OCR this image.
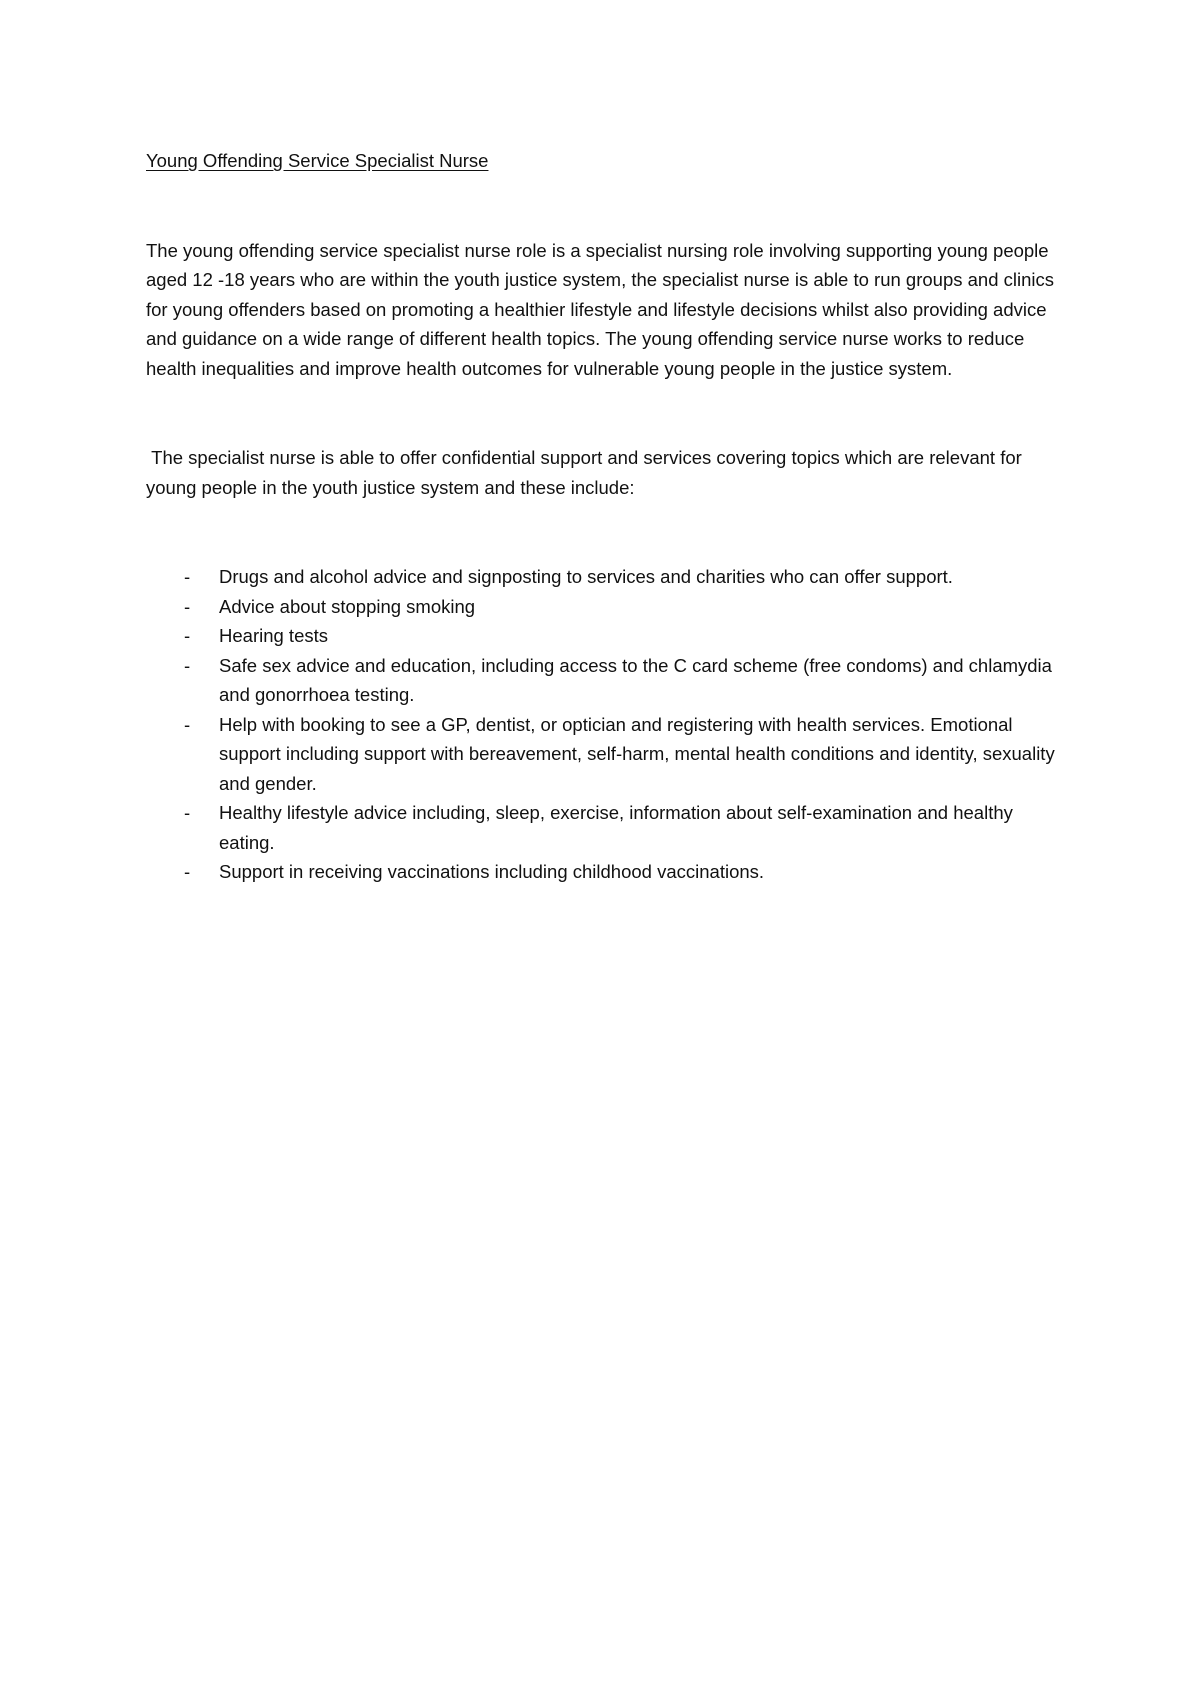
Young Offending Service Specialist Nurse

The young offending service specialist nurse role is a specialist nursing role involving supporting young people aged 12 -18 years who are within the youth justice system, the specialist nurse is able to run groups and clinics for young offenders based on promoting a healthier lifestyle and lifestyle decisions whilst also providing advice and guidance on a wide range of different health topics. The young offending service nurse works to reduce health inequalities and improve health outcomes for vulnerable young people in the justice system.

The specialist nurse is able to offer confidential support and services covering topics which are relevant for young people in the youth justice system and these include:

- Drugs and alcohol advice and signposting to services and charities who can offer support.
- Advice about stopping smoking
- Hearing tests
- Safe sex advice and education, including access to the C card scheme (free condoms) and chlamydia and gonorrhoea testing.
- Help with booking to see a GP, dentist, or optician and registering with health services. Emotional support including support with bereavement, self-harm, mental health conditions and identity, sexuality and gender.
- Healthy lifestyle advice including, sleep, exercise, information about self-examination and healthy eating.
- Support in receiving vaccinations including childhood vaccinations.
